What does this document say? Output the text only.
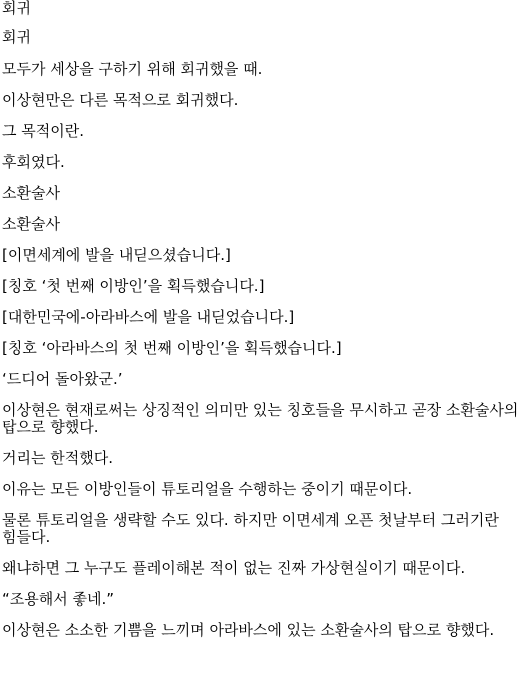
회귀
회귀
모두가 세상을 구하기 위해 회귀했을 때.
이상현만은 다른 목적으로 회귀했다.
그 목적이란.
후회였다.
소환술사
소환술사
[이면세계에 발을 내딛으셨습니다.]
[칭호 ‘첫 번째 이방인’을 획득했습니다.]
[대한민국에-아라바스에 발을 내딛었습니다.]
[칭호 ‘아라바스의 첫 번째 이방인’을 획득했습니다.]
‘드디어 돌아왔군.’
이상현은 현재로써는 상징적인 의미만 있는 칭호들을 무시하고 곧장 소환술사의 탑으로 향했다.
거리는 한적했다.
이유는 모든 이방인들이 튜토리얼을 수행하는 중이기 때문이다.
물론 튜토리얼을 생략할 수도 있다. 하지만 이면세계 오픈 첫날부터 그러기란 힘들다.
왜냐하면 그 누구도 플레이해본 적이 없는 진짜 가상현실이기 때문이다.
“조용해서 좋네.”
이상현은 소소한 기쁨을 느끼며 아라바스에 있는 소환술사의 탑으로 향했다.
